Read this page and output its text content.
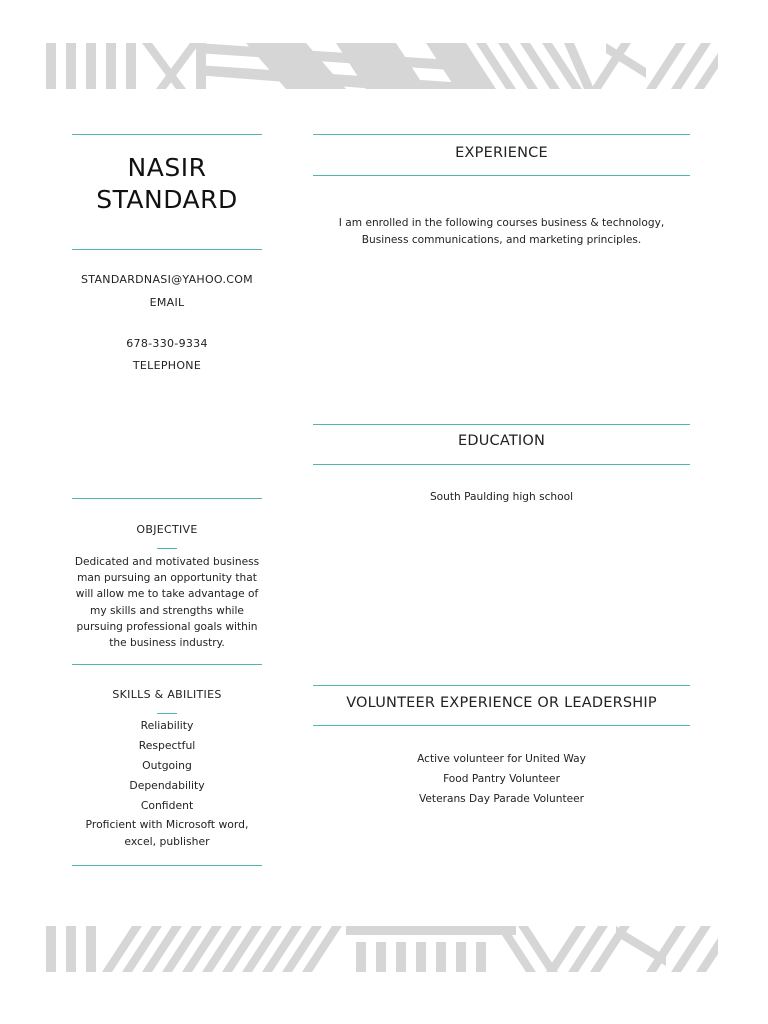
NASIR
STANDARD
STANDARDNASI@YAHOO.COM
EMAIL
678-330-9334
TELEPHONE
OBJECTIVE
Dedicated and motivated business man pursuing an opportunity that will allow me to take advantage of my skills and strengths while pursuing professional goals within the business industry.
SKILLS & ABILITIES
Reliability
Respectful
Outgoing
Dependability
Confident
Proficient with Microsoft word, excel, publisher
EXPERIENCE
I am enrolled in the following courses business & technology, Business communications, and marketing principles.
EDUCATION
South Paulding high school
VOLUNTEER EXPERIENCE OR LEADERSHIP
Active volunteer for United Way
Food Pantry Volunteer
Veterans Day Parade Volunteer
